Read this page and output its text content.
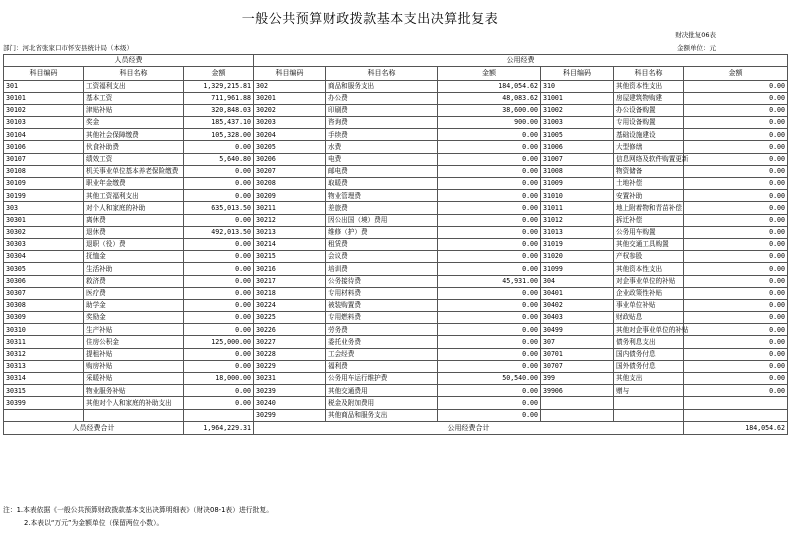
一般公共预算财政拨款基本支出决算批复表
财决批复06表
部门：河北省张家口市怀安县统计局（本级）	金额单位：元
人员经费			公用经费					
科目编码	科目名称	金额	科目编码	科目名称	金额	科目编码	科目名称	金额
301	工资福利支出	1,329,215.81	302	商品和服务支出	184,054.62	310	其他资本性支出	0.00
30101	基本工资	711,961.88	30201	办公费	48,083.62	31001	房屋建筑物购建	0.00
30102	津贴补贴	320,848.03	30202	印刷费	38,600.00	31002	办公设备购置	0.00
30103	奖金	185,437.10	30203	咨询费	900.00	31003	专用设备购置	0.00
30104	其他社会保障缴费	105,328.00	30204	手续费	0.00	31005	基础设施建设	0.00
30106	伙食补助费	0.00	30205	水费	0.00	31006	大型修缮	0.00
30107	绩效工资	5,640.80	30206	电费	0.00	31007	信息网络及软件购置更新	0.00
30108	机关事业单位基本养老保险缴费	0.00	30207	邮电费	0.00	31008	物资储备	0.00
30109	职业年金缴费	0.00	30208	取暖费	0.00	31009	土地补偿	0.00
30199	其他工资福利支出	0.00	30209	物业管理费	0.00	31010	安置补助	0.00
303	对个人和家庭的补助	635,013.50	30211	差旅费	0.00	31011	地上附着物和青苗补偿	0.00
30301	离休费	0.00	30212	因公出国（境）费用	0.00	31012	拆迁补偿	0.00
30302	退休费	492,013.50	30213	维修（护）费	0.00	31013	公务用车购置	0.00
30303	退职（役）费	0.00	30214	租赁费	0.00	31019	其他交通工具购置	0.00
30304	抚恤金	0.00	30215	会议费	0.00	31020	产权参股	0.00
30305	生活补助	0.00	30216	培训费	0.00	31099	其他资本性支出	0.00
30306	救济费	0.00	30217	公务接待费	45,931.00	304	对企事业单位的补贴	0.00
30307	医疗费	0.00	30218	专用材料费	0.00	30401	企业政策性补贴	0.00
30308	助学金	0.00	30224	被装购置费	0.00	30402	事业单位补贴	0.00
30309	奖励金	0.00	30225	专用燃料费	0.00	30403	财政贴息	0.00
30310	生产补贴	0.00	30226	劳务费	0.00	30499	其他对企事业单位的补贴	0.00
30311	住房公积金	125,000.00	30227	委托业务费	0.00	307	债务利息支出	0.00
30312	提租补贴	0.00	30228	工会经费	0.00	30701	国内债务付息	0.00
30313	购房补贴	0.00	30229	福利费	0.00	30707	国外债务付息	0.00
30314	采暖补贴	18,000.00	30231	公务用车运行维护费	50,540.00	399	其他支出	0.00
30315	物业服务补贴	0.00	30239	其他交通费用	0.00	39906	赠与	0.00
30399	其他对个人和家庭的补助支出	0.00	30240	税金及附加费用	0.00			
			30299	其他商品和服务支出	0.00			
人员经费合计		1,964,229.31	公用经费合计					184,054.62
注：1.本表依据《一般公共预算财政拨款基本支出决算明细表》（财决08-1表）进行批复。
2.本表以“万元”为金额单位（保留两位小数）。
